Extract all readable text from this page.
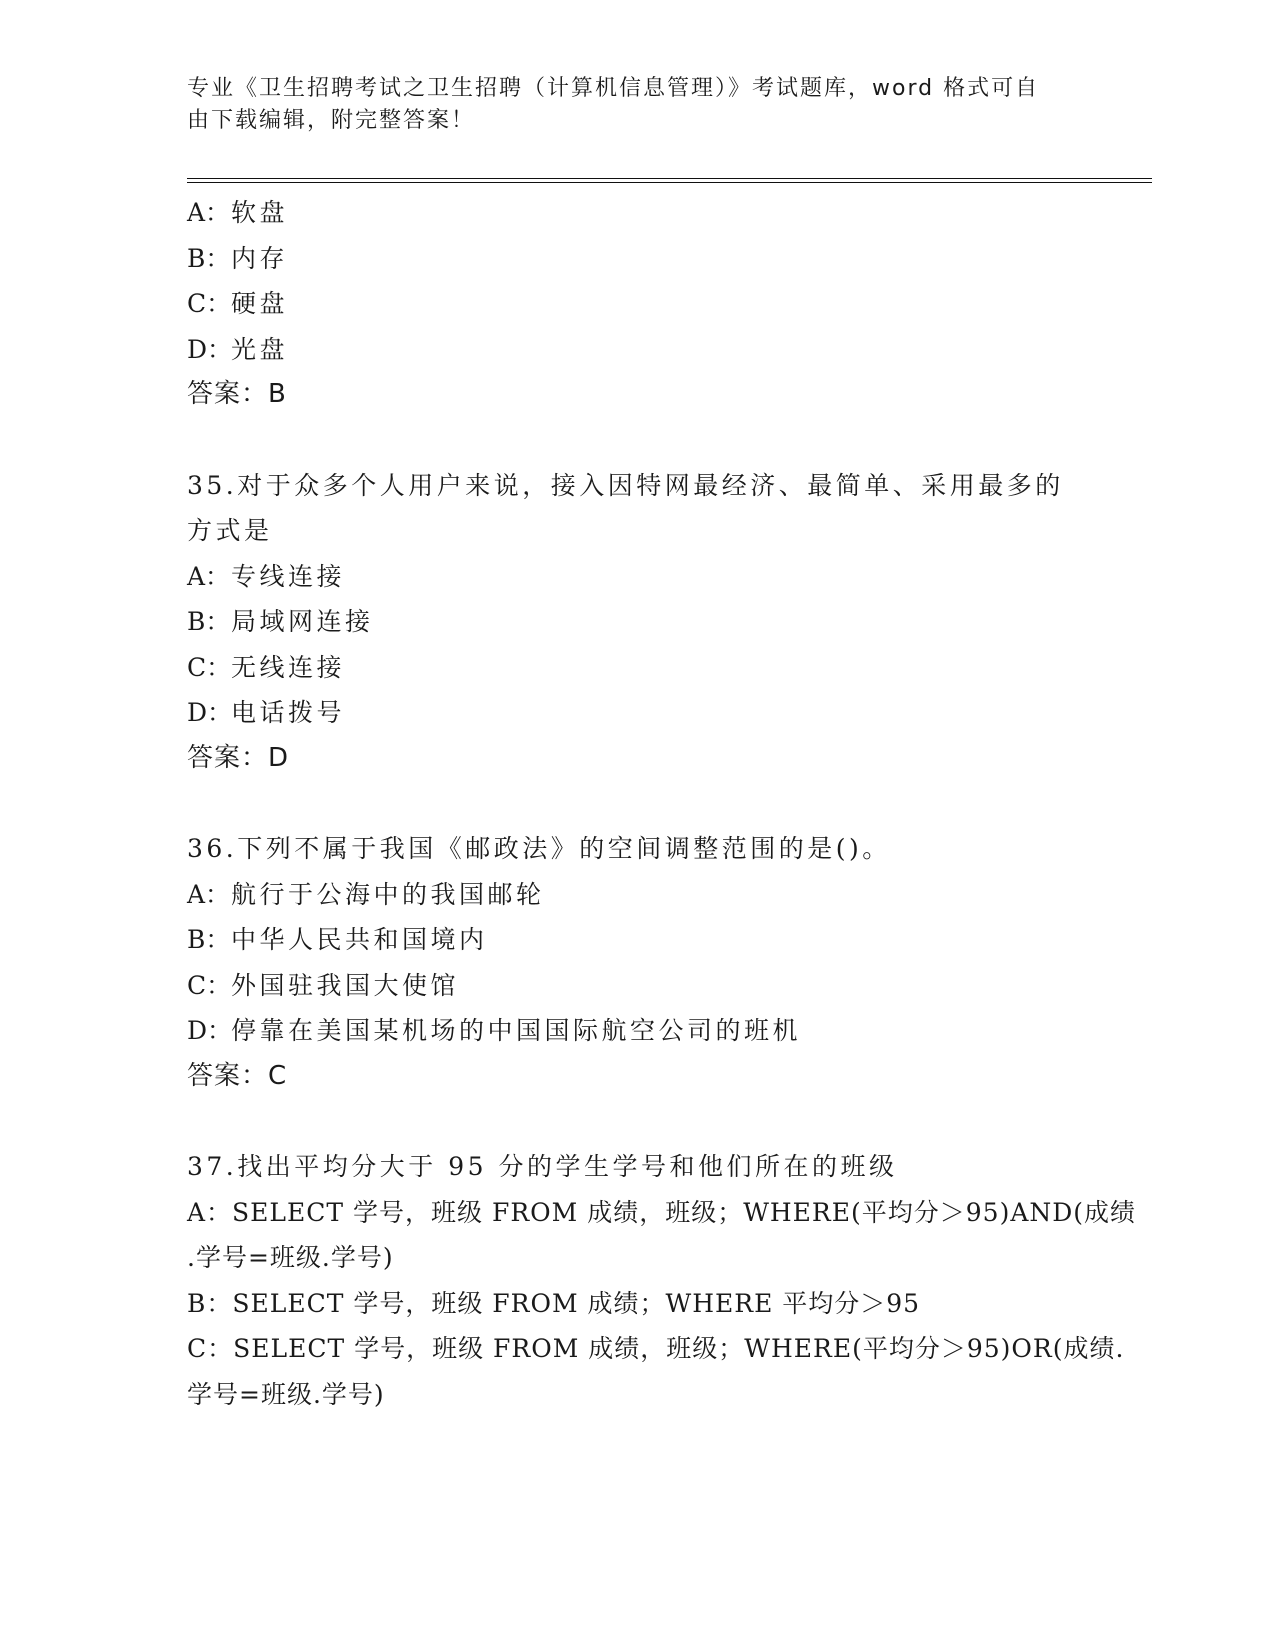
专业《卫生招聘考试之卫生招聘（计算机信息管理）》考试题库，word 格式可自
由下载编辑，附完整答案！
A：软盘
B：内存
C：硬盘
D：光盘
答案：B
35.对于众多个人用户来说，接入因特网最经济、最简单、采用最多的
方式是
A：专线连接
B：局域网连接
C：无线连接
D：电话拨号
答案：D
36.下列不属于我国《邮政法》的空间调整范围的是()。
A：航行于公海中的我国邮轮
B：中华人民共和国境内
C：外国驻我国大使馆
D：停靠在美国某机场的中国国际航空公司的班机
答案：C
37.找出平均分大于 95 分的学生学号和他们所在的班级
A：SELECT 学号，班级 FROM 成绩，班级；WHERE(平均分＞95)AND(成绩
.学号=班级.学号)
B：SELECT 学号，班级 FROM 成绩；WHERE 平均分＞95
C：SELECT 学号，班级 FROM 成绩，班级；WHERE(平均分＞95)OR(成绩.
学号=班级.学号)
